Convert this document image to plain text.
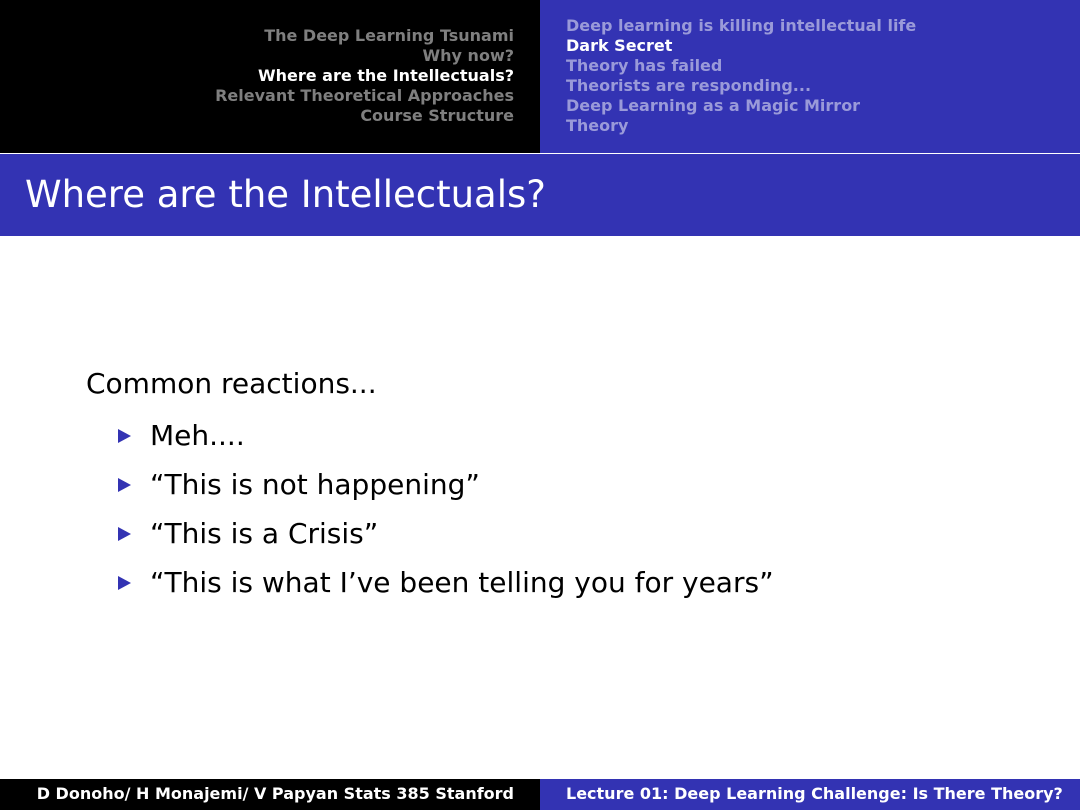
The Deep Learning Tsunami
Why now?
Where are the Intellectuals?
Relevant Theoretical Approaches
Course Structure
Deep learning is killing intellectual life
Dark Secret
Theory has failed
Theorists are responding...
Deep Learning as a Magic Mirror
Theory
Where are the Intellectuals?

Common reactions...

Meh....
“This is not happening”
“This is a Crisis”
“This is what I’ve been telling you for years”
D Donoho/ H Monajemi/ V Papyan Stats 385 Stanford	Lecture 01: Deep Learning Challenge: Is There Theory?
